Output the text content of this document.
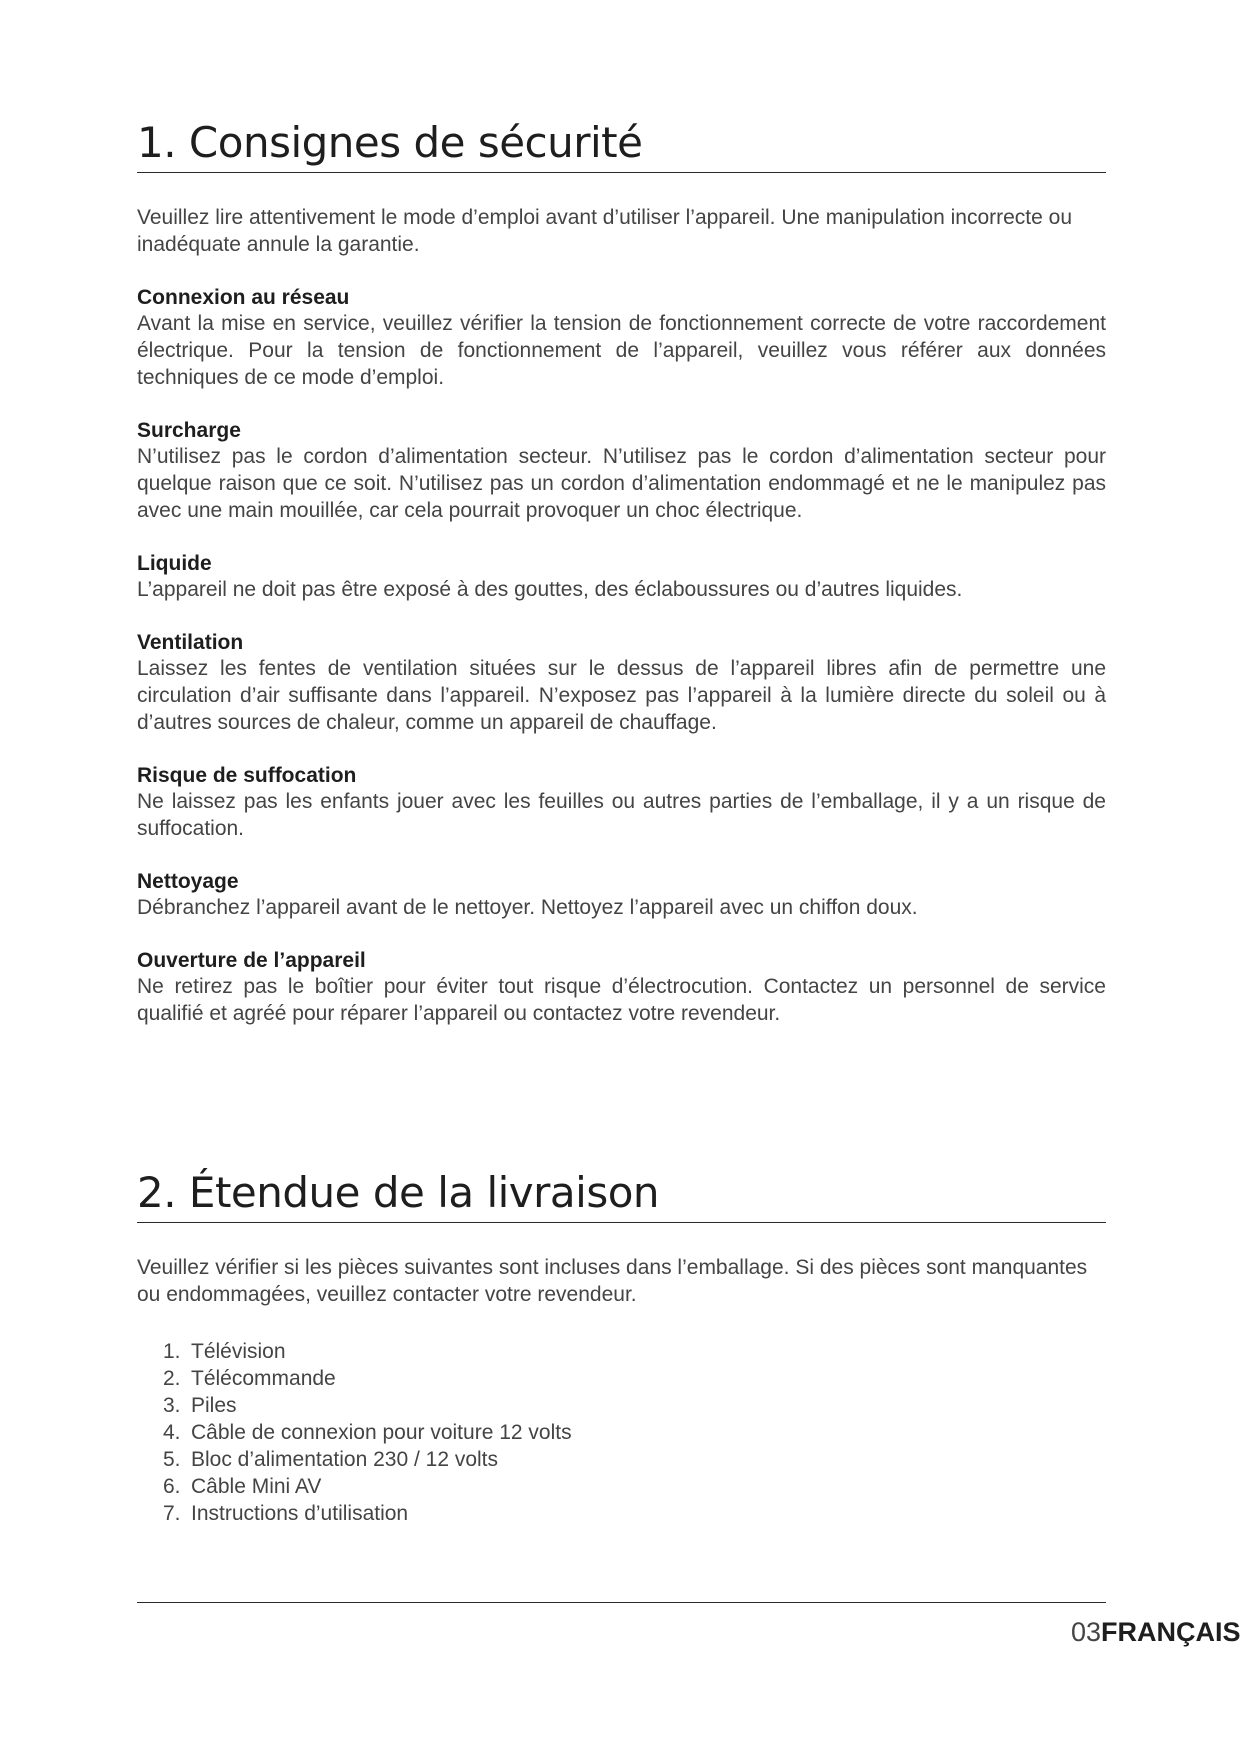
1. Consignes de sécurité

Veuillez lire attentivement le mode d’emploi avant d’utiliser l’appareil. Une manipulation incorrecte ou inadéquate annule la garantie.

Connexion au réseau

Avant la mise en service, veuillez vérifier la tension de fonctionnement correcte de votre raccordement électrique. Pour la tension de fonctionnement de l’appareil, veuillez vous référer aux données techniques de ce mode d’emploi.

Surcharge

N’utilisez pas le cordon d’alimentation secteur. N’utilisez pas le cordon d’alimentation secteur pour quelque raison que ce soit. N’utilisez pas un cordon d’alimentation endommagé et ne le manipulez pas avec une main mouillée, car cela pourrait provoquer un choc électrique.

Liquide

L’appareil ne doit pas être exposé à des gouttes, des éclaboussures ou d’autres liquides.

Ventilation

Laissez les fentes de ventilation situées sur le dessus de l’appareil libres afin de permettre une circulation d’air suffisante dans l’appareil. N’exposez pas l’appareil à la lumière directe du soleil ou à d’autres sources de chaleur, comme un appareil de chauffage.

Risque de suffocation

Ne laissez pas les enfants jouer avec les feuilles ou autres parties de l’emballage, il y a un risque de suffocation.

Nettoyage

Débranchez l’appareil avant de le nettoyer. Nettoyez l’appareil avec un chiffon doux.

Ouverture de l’appareil

Ne retirez pas le boîtier pour éviter tout risque d’électrocution. Contactez un personnel de service qualifié et agréé pour réparer l’appareil ou contactez votre revendeur.

2. Étendue de la livraison

Veuillez vérifier si les pièces suivantes sont incluses dans l’emballage. Si des pièces sont manquantes ou endommagées, veuillez contacter votre revendeur.

1. Télévision
2. Télécommande
3. Piles
4. Câble de connexion pour voiture 12 volts
5. Bloc d’alimentation 230 / 12 volts
6. Câble Mini AV
7. Instructions d’utilisation
03FRANÇAIS
